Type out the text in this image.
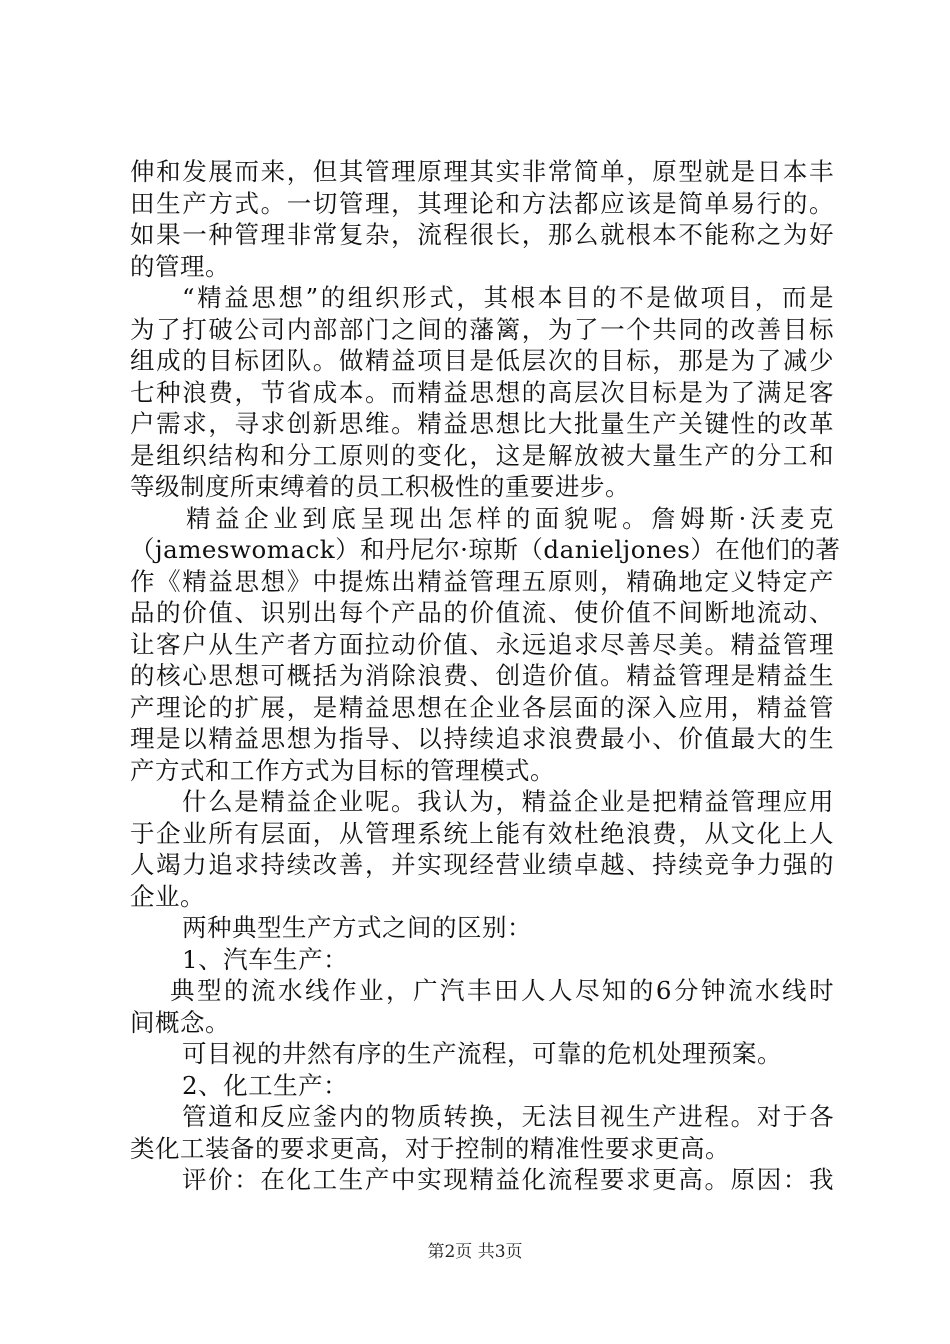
伸和发展而来，但其管理原理其实非常简单，原型就是日本丰
田生产方式。一切管理，其理论和方法都应该是简单易行的。
如果一种管理非常复杂，流程很长，那么就根本不能称之为好
的管理。
“精益思想”的组织形式，其根本目的不是做项目，而是
为了打破公司内部部门之间的藩篱，为了一个共同的改善目标
组成的目标团队。做精益项目是低层次的目标，那是为了减少
七种浪费，节省成本。而精益思想的高层次目标是为了满足客
户需求，寻求创新思维。精益思想比大批量生产关键性的改革
是组织结构和分工原则的变化，这是解放被大量生产的分工和
等级制度所束缚着的员工积极性的重要进步。
精益企业到底呈现出怎样的面貌呢。詹姆斯·沃麦克
（jameswomack）和丹尼尔·琼斯（danieljones）在他们的著
作《精益思想》中提炼出精益管理五原则，精确地定义特定产
品的价值、识别出每个产品的价值流、使价值不间断地流动、
让客户从生产者方面拉动价值、永远追求尽善尽美。精益管理
的核心思想可概括为消除浪费、创造价值。精益管理是精益生
产理论的扩展，是精益思想在企业各层面的深入应用，精益管
理是以精益思想为指导、以持续追求浪费最小、价值最大的生
产方式和工作方式为目标的管理模式。
什么是精益企业呢。我认为，精益企业是把精益管理应用
于企业所有层面，从管理系统上能有效杜绝浪费，从文化上人
人竭力追求持续改善，并实现经营业绩卓越、持续竞争力强的
企业。
两种典型生产方式之间的区别：
1、汽车生产：
典型的流水线作业，广汽丰田人人尽知的6分钟流水线时
间概念。
可目视的井然有序的生产流程，可靠的危机处理预案。
2、化工生产：
管道和反应釜内的物质转换，无法目视生产进程。对于各
类化工装备的要求更高，对于控制的精准性要求更高。
评价：在化工生产中实现精益化流程要求更高。原因：我
第2页 共3页
